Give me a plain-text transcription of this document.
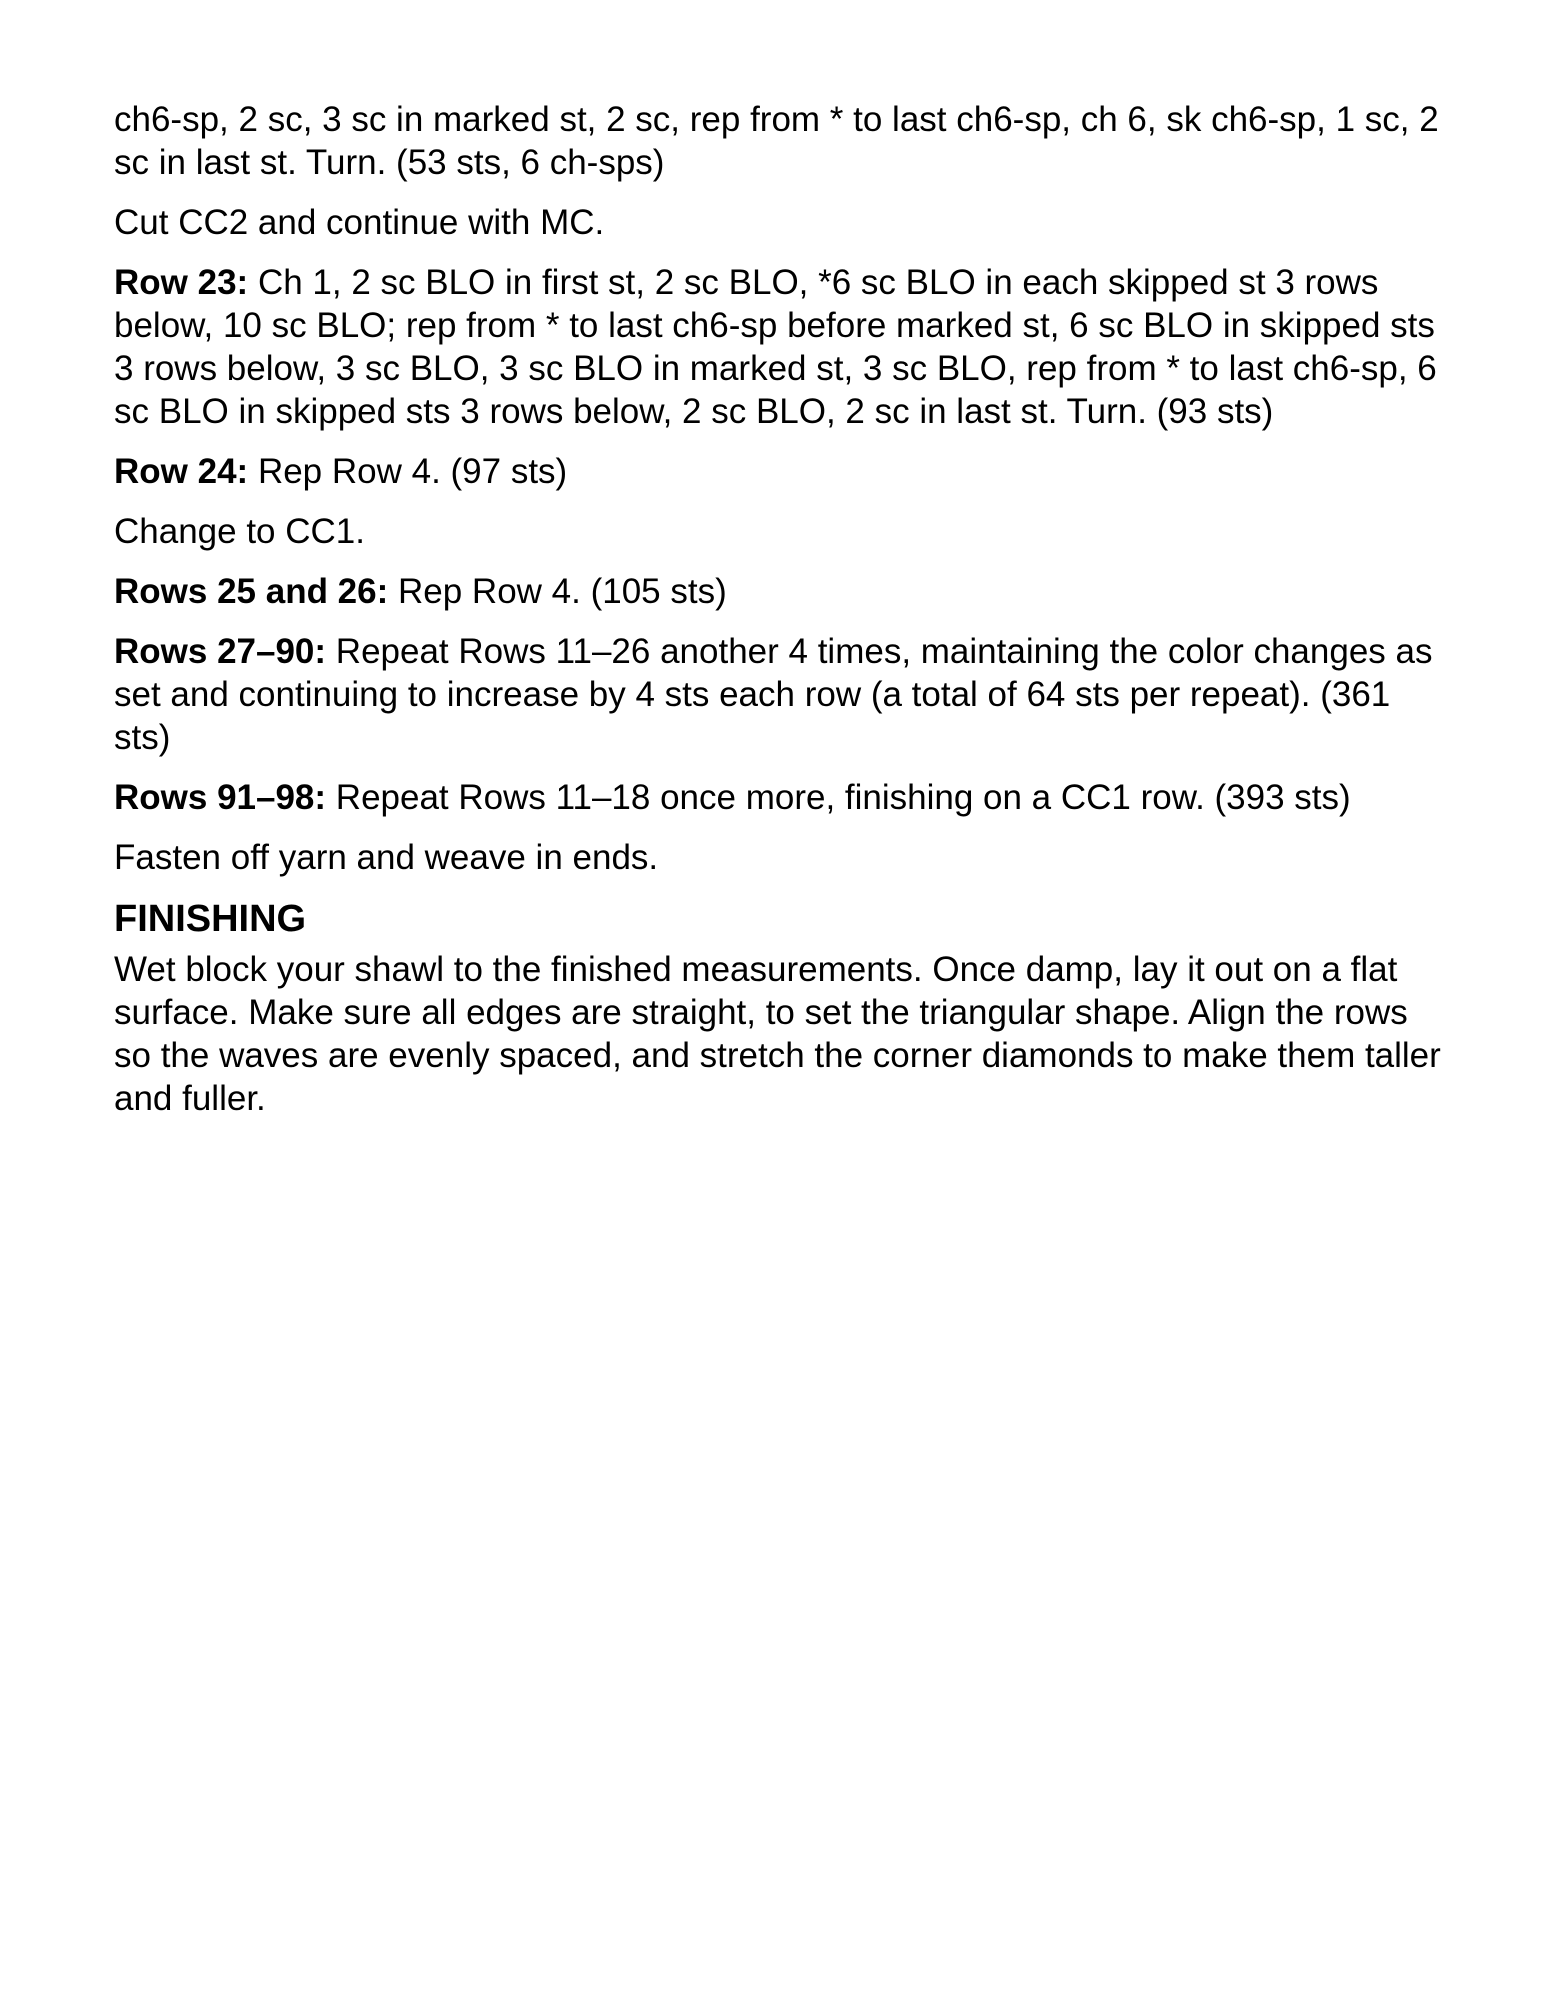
ch6-sp, 2 sc, 3 sc in marked st, 2 sc, rep from * to last ch6-sp, ch 6, sk ch6-sp, 1 sc, 2 sc in last st. Turn. (53 sts, 6 ch-sps)

Cut CC2 and continue with MC.

Row 23: Ch 1, 2 sc BLO in first st, 2 sc BLO, *6 sc BLO in each skipped st 3 rows below, 10 sc BLO; rep from * to last ch6-sp before marked st, 6 sc BLO in skipped sts 3 rows below, 3 sc BLO, 3 sc BLO in marked st, 3 sc BLO, rep from * to last ch6-sp, 6 sc BLO in skipped sts 3 rows below, 2 sc BLO, 2 sc in last st. Turn. (93 sts)

Row 24: Rep Row 4. (97 sts)

Change to CC1.

Rows 25 and 26: Rep Row 4. (105 sts)

Rows 27–90: Repeat Rows 11–26 another 4 times, maintaining the color changes as set and continuing to increase by 4 sts each row (a total of 64 sts per repeat). (361 sts)

Rows 91–98: Repeat Rows 11–18 once more, finishing on a CC1 row. (393 sts)

Fasten off yarn and weave in ends.

FINISHING

Wet block your shawl to the finished measurements. Once damp, lay it out on a flat surface. Make sure all edges are straight, to set the triangular shape. Align the rows so the waves are evenly spaced, and stretch the corner diamonds to make them taller and fuller.
